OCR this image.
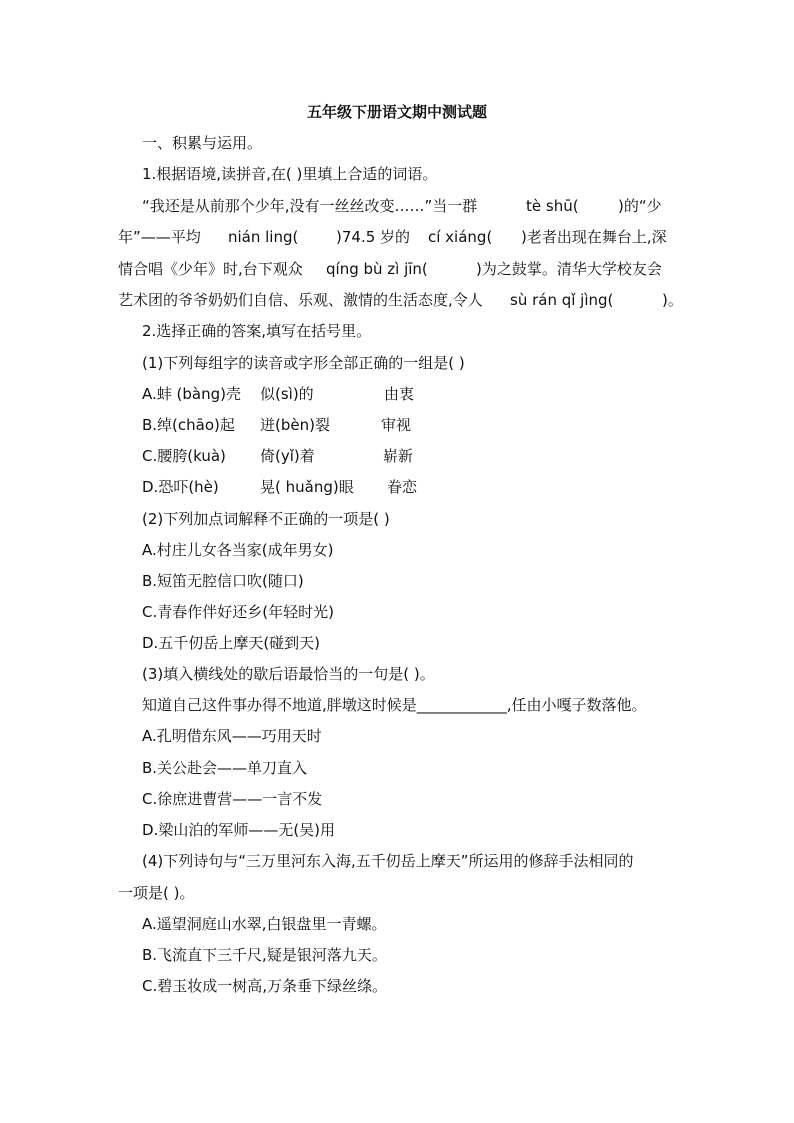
五年级下册语文期中测试题
一、积累与运用。
1.根据语境,读拼音,在( )里填上合适的词语。
“我还是从前那个少年,没有一丝丝改变……”当一群	tè shū(	)的“少
年”——平均 nián ling(	)74.5 岁的 cí xiáng( )老者出现在舞台上,深
情合唱《少年》时,台下观众 qíng bù zì jīn(	)为之鼓掌。清华大学校友会
艺术团的爷爷奶奶们自信、乐观、激情的生活态度,令人 sù rán qǐ jìng(	)。
2.选择正确的答案,填写在括号里。
(1)下列每组字的读音或字形全部正确的一组是( )
A.蚌 (bàng)壳 似(sì)的	由衷
B.绰(chāo)起 迸(bèn)裂	审视
C.腰胯(kuà) 倚(yǐ)着	崭新
D.恐吓(hè)	晃( huǎng)眼 眷恋
(2)下列加点词解释不正确的一项是( )
A.村庄儿女各当家(成年男女)
B.短笛无腔信口吹(随口)
C.青春作伴好还乡(年轻时光)
D.五千仞岳上摩天(碰到天)
(3)填入横线处的歇后语最恰当的一句是( )。
知道自己这件事办得不地道,胖墩这时候是____________,任由小嘎子数落他。
A.孔明借东风——巧用天时
B.关公赴会——单刀直入
C.徐庶进曹营——一言不发
D.梁山泊的军师——无(吴)用
(4)下列诗句与“三万里河东入海,五千仞岳上摩天”所运用的修辞手法相同的
一项是( )。
A.遥望洞庭山水翠,白银盘里一青螺。
B.飞流直下三千尺,疑是银河落九天。
C.碧玉妆成一树高,万条垂下绿丝绦。
